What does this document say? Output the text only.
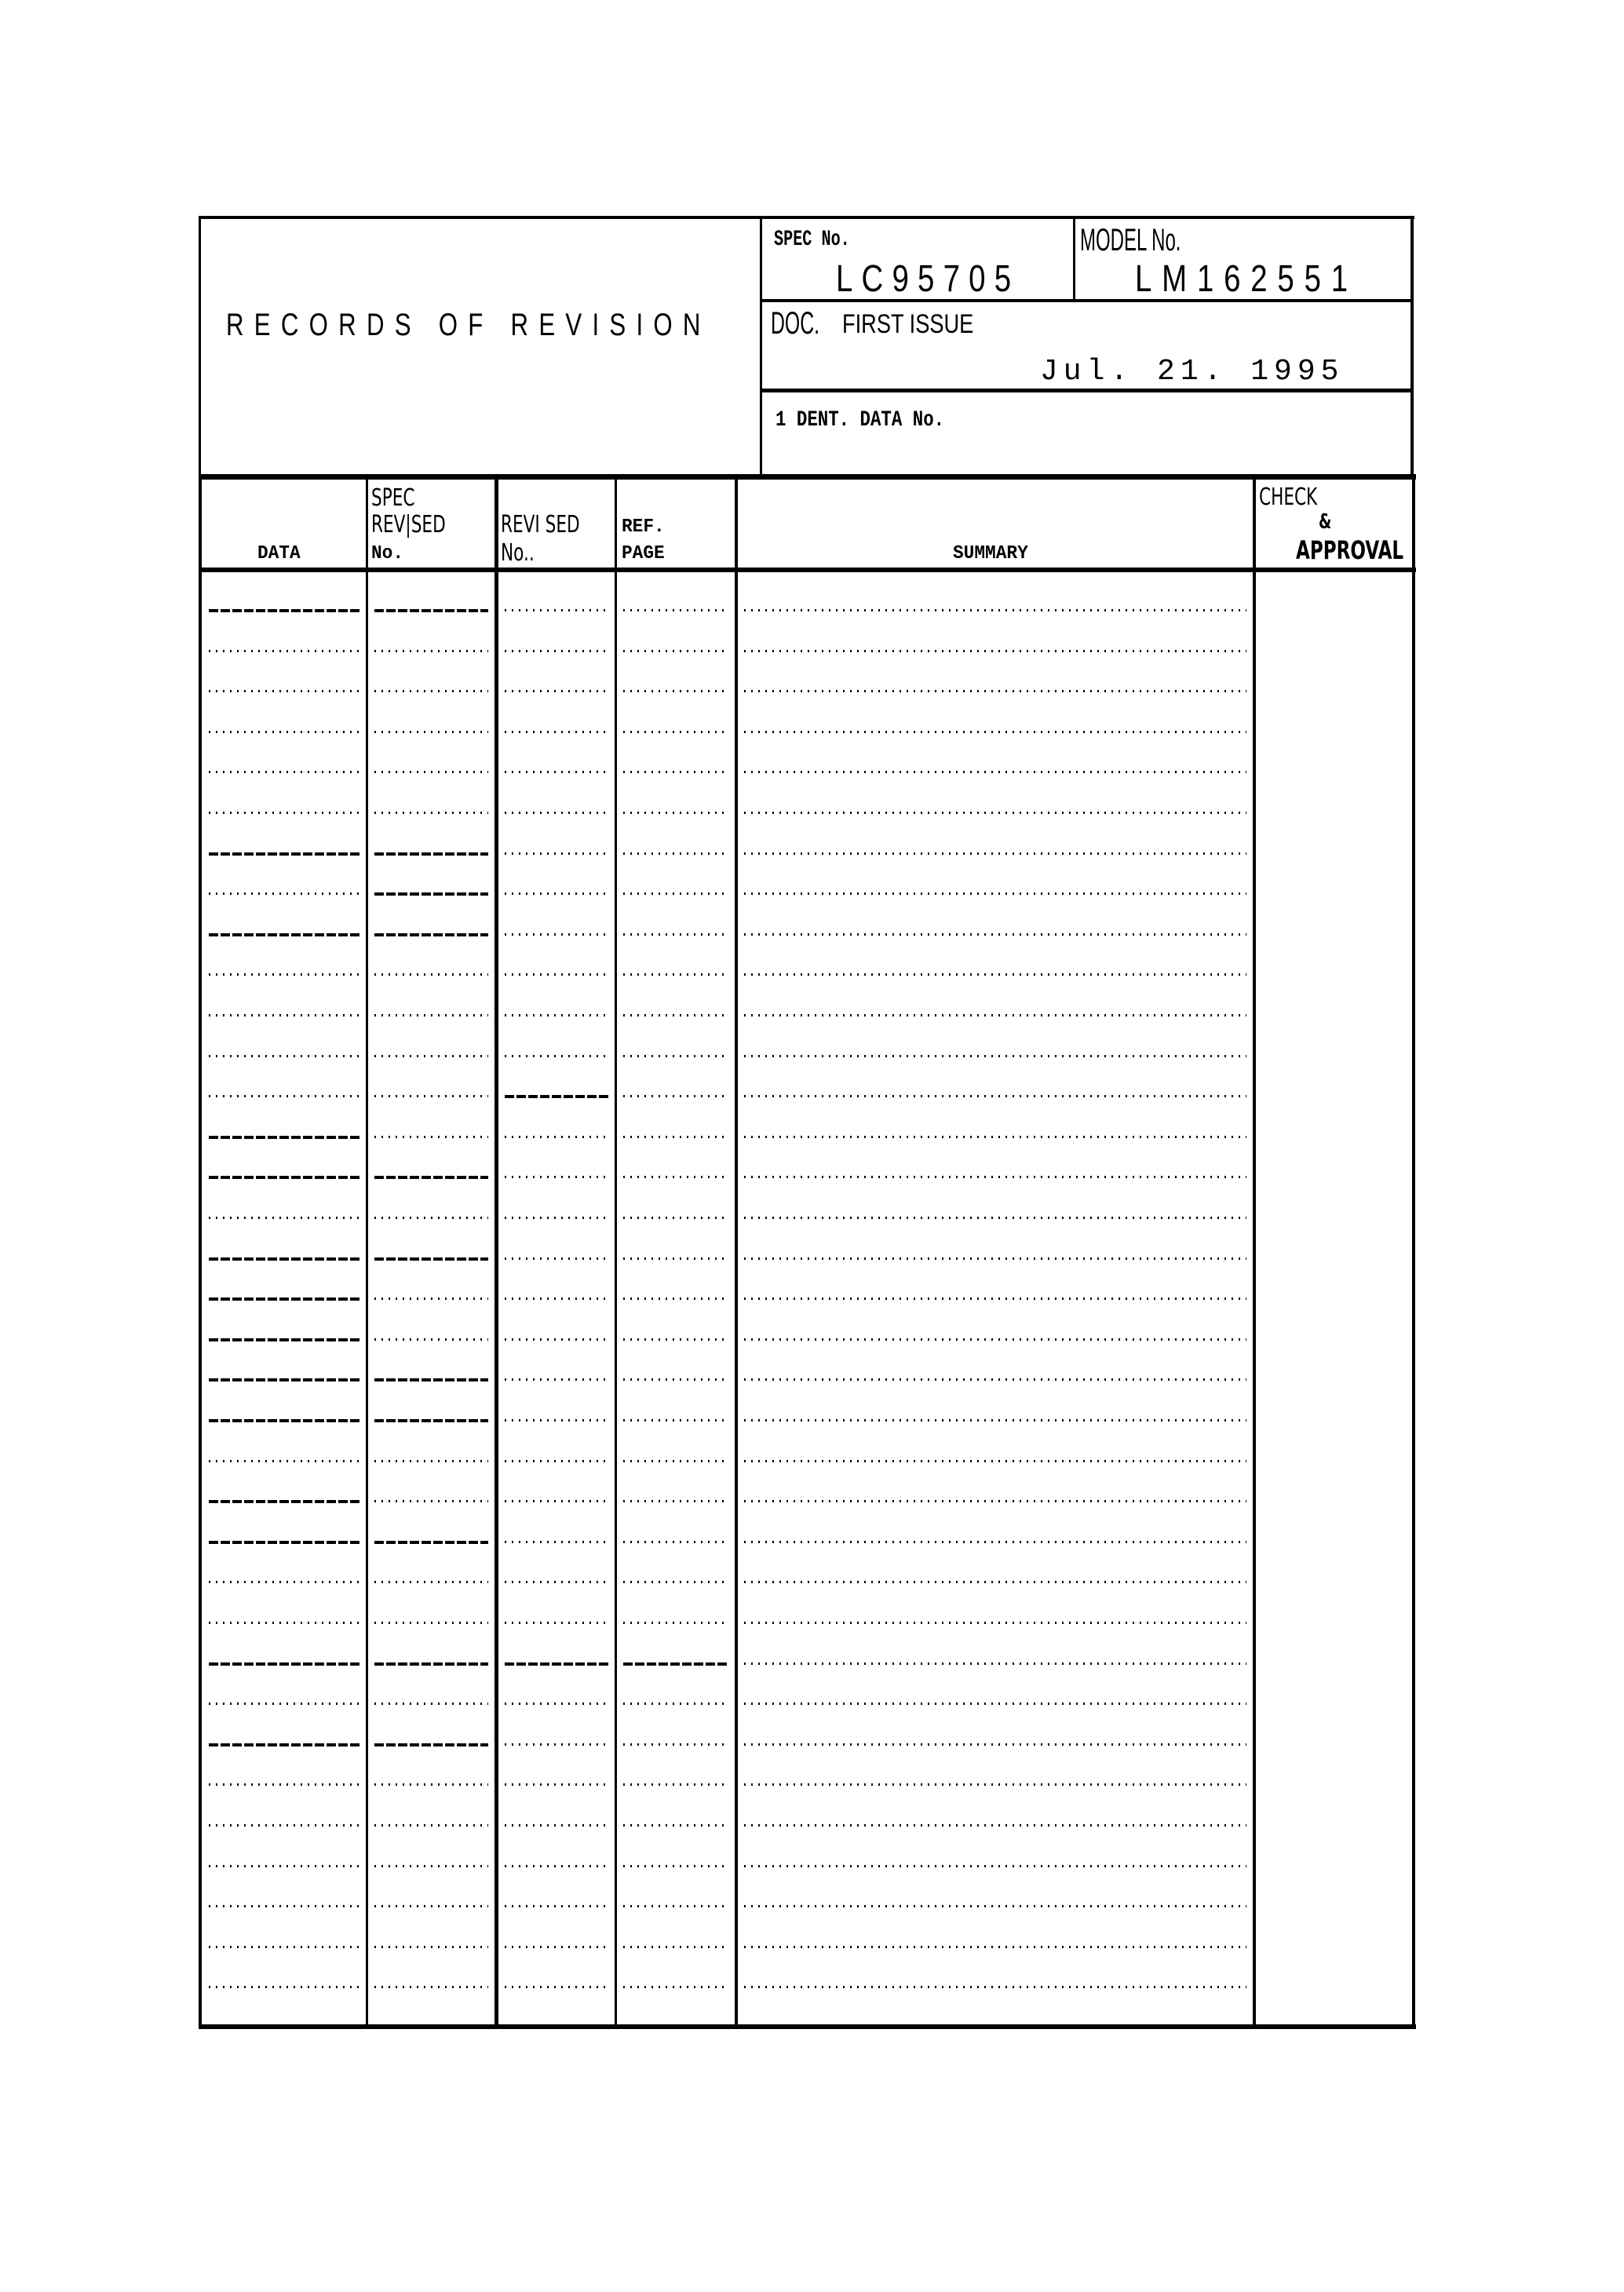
RECORDS OF REVISION
SPEC No.
LC95705
MODEL No.
LM162551
DOC. FIRST ISSUE
Jul. 21. 1995
1 DENT. DATA No.
DATA
SPEC
REV|SED
No.
REVI SED
No..
REF.
PAGE	SUMMARY
CHECK
&
APPROVAL
